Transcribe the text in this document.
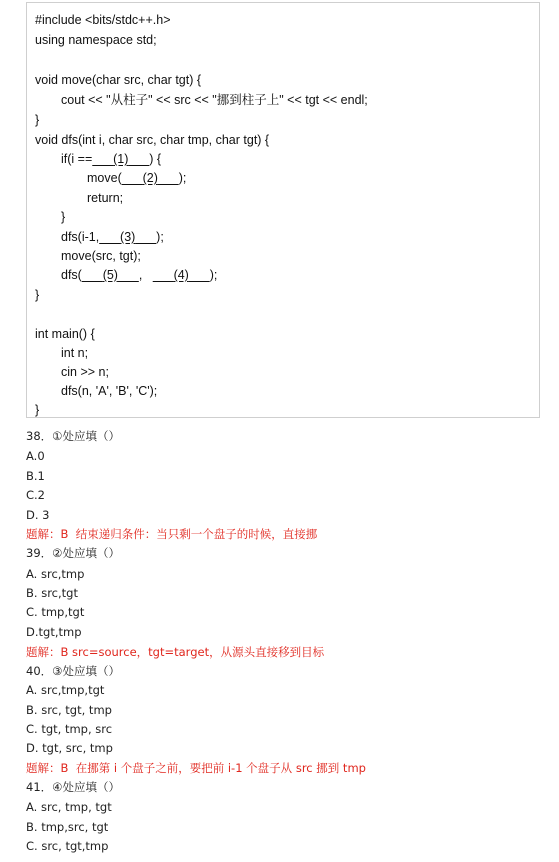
#include <bits/stdc++.h>
using namespace std;
void move(char src, char tgt) {
cout << "从柱子" << src << "挪到柱子上" << tgt << endl;
}
void dfs(int i, char src, char tmp, char tgt) {
if(i == (1) ) {
move( (2) );
return;
}
dfs(i-1, (3) );
move(src, tgt);
dfs( (5) ,	(4) );
}
int main() {
int n;
cin >> n;
dfs(n, 'A', 'B', 'C');
}
38．①处应填（）
A.0
B.1
C.2
D. 3
题解：B  结束递归条件：当只剩一个盘子的时候，直接挪
39．②处应填（）
A. src,tmp
B. src,tgt
C. tmp,tgt
D.tgt,tmp
题解：B src=source，tgt=target，从源头直接移到目标
40．③处应填（）
A. src,tmp,tgt
B. src, tgt, tmp
C. tgt, tmp, src
D. tgt, src, tmp
题解：B  在挪第 i 个盘子之前，要把前 i-1 个盘子从 src 挪到 tmp
41．④处应填（）
A. src, tmp, tgt
B. tmp,src, tgt
C. src, tgt,tmp
